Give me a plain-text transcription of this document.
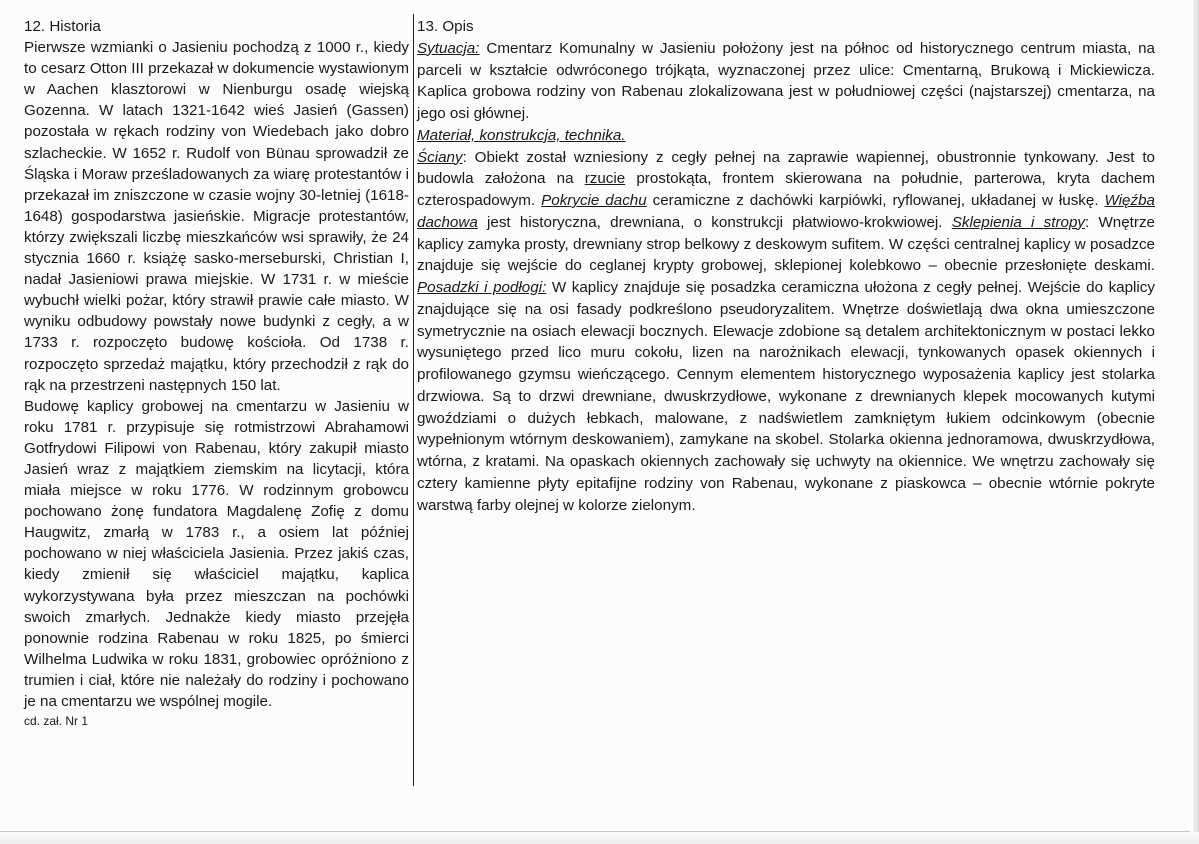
12. Historia

Pierwsze wzmianki o Jasieniu pochodzą z 1000 r., kiedy to cesarz Otton III przekazał w dokumencie wystawionym w Aachen klasztorowi w Nienburgu osadę wiejską Gozenna. W latach 1321-1642 wieś Jasień (Gassen) pozostała w rękach rodziny von Wiedebach jako dobro szlacheckie. W 1652 r. Rudolf von Bünau sprowadził ze Śląska i Moraw prześladowanych za wiarę protestantów i przekazał im zniszczone w czasie wojny 30-letniej (1618-1648) gospodarstwa jasieńskie. Migracje protestantów, którzy zwiększali liczbę mieszkańców wsi sprawiły, że 24 stycznia 1660 r. książę sasko-merseburski, Christian I, nadał Jasieniowi prawa miejskie. W 1731 r. w mieście wybuchł wielki pożar, który strawił prawie całe miasto. W wyniku odbudowy powstały nowe budynki z cegły, a w 1733 r. rozpoczęto budowę kościoła. Od 1738 r. rozpoczęto sprzedaż majątku, który przechodził z rąk do rąk na przestrzeni następnych 150 lat.

Budowę kaplicy grobowej na cmentarzu w Jasieniu w roku 1781 r. przypisuje się rotmistrzowi Abrahamowi Gotfrydowi Filipowi von Rabenau, który zakupił miasto Jasień wraz z majątkiem ziemskim na licytacji, która miała miejsce w roku 1776. W rodzinnym grobowcu pochowano żonę fundatora Magdalenę Zofię z domu Haugwitz, zmarłą w 1783 r., a osiem lat później pochowano w niej właściciela Jasienia. Przez jakiś czas, kiedy zmienił się właściciel majątku, kaplica wykorzystywana była przez mieszczan na pochówki swoich zmarłych. Jednakże kiedy miasto przejęła ponownie rodzina Rabenau w roku 1825, po śmierci Wilhelma Ludwika w roku 1831, grobowiec opróżniono z trumien i ciał, które nie należały do rodziny i pochowano je na cmentarzu we wspólnej mogile.

cd. zał. Nr 1

13. Opis

Sytuacja: Cmentarz Komunalny w Jasieniu położony jest na północ od historycznego centrum miasta, na parceli w kształcie odwróconego trójkąta, wyznaczonej przez ulice: Cmentarną, Brukową i Mickiewicza. Kaplica grobowa rodziny von Rabenau zlokalizowana jest w południowej części (najstarszej) cmentarza, na jego osi głównej.

Materiał, konstrukcja, technika.

Ściany: Obiekt został wzniesiony z cegły pełnej na zaprawie wapiennej, obustronnie tynkowany. Jest to budowla założona na rzucie prostokąta, frontem skierowana na południe, parterowa, kryta dachem czterospadowym. Pokrycie dachu ceramiczne z dachówki karpiówki, ryflowanej, układanej w łuskę. Więźba dachowa jest historyczna, drewniana, o konstrukcji płatwiowo-krokwiowej. Sklepienia i stropy: Wnętrze kaplicy zamyka prosty, drewniany strop belkowy z deskowym sufitem. W części centralnej kaplicy w posadzce znajduje się wejście do ceglanej krypty grobowej, sklepionej kolebkowo – obecnie przesłonięte deskami. Posadzki i podłogi: W kaplicy znajduje się posadzka ceramiczna ułożona z cegły pełnej. Wejście do kaplicy znajdujące się na osi fasady podkreślono pseudoryzalitem. Wnętrze doświetlają dwa okna umieszczone symetrycznie na osiach elewacji bocznych. Elewacje zdobione są detalem architektonicznym w postaci lekko wysuniętego przed lico muru cokołu, lizen na narożnikach elewacji, tynkowanych opasek okiennych i profilowanego gzymsu wieńczącego. Cennym elementem historycznego wyposażenia kaplicy jest stolarka drzwiowa. Są to drzwi drewniane, dwuskrzydłowe, wykonane z drewnianych klepek mocowanych kutymi gwoździami o dużych łebkach, malowane, z nadświetlem zamkniętym łukiem odcinkowym (obecnie wypełnionym wtórnym deskowaniem), zamykane na skobel. Stolarka okienna jednoramowa, dwuskrzydłowa, wtórna, z kratami. Na opaskach okiennych zachowały się uchwyty na okiennice. We wnętrzu zachowały się cztery kamienne płyty epitafijne rodziny von Rabenau, wykonane z piaskowca – obecnie wtórnie pokryte warstwą farby olejnej w kolorze zielonym.
